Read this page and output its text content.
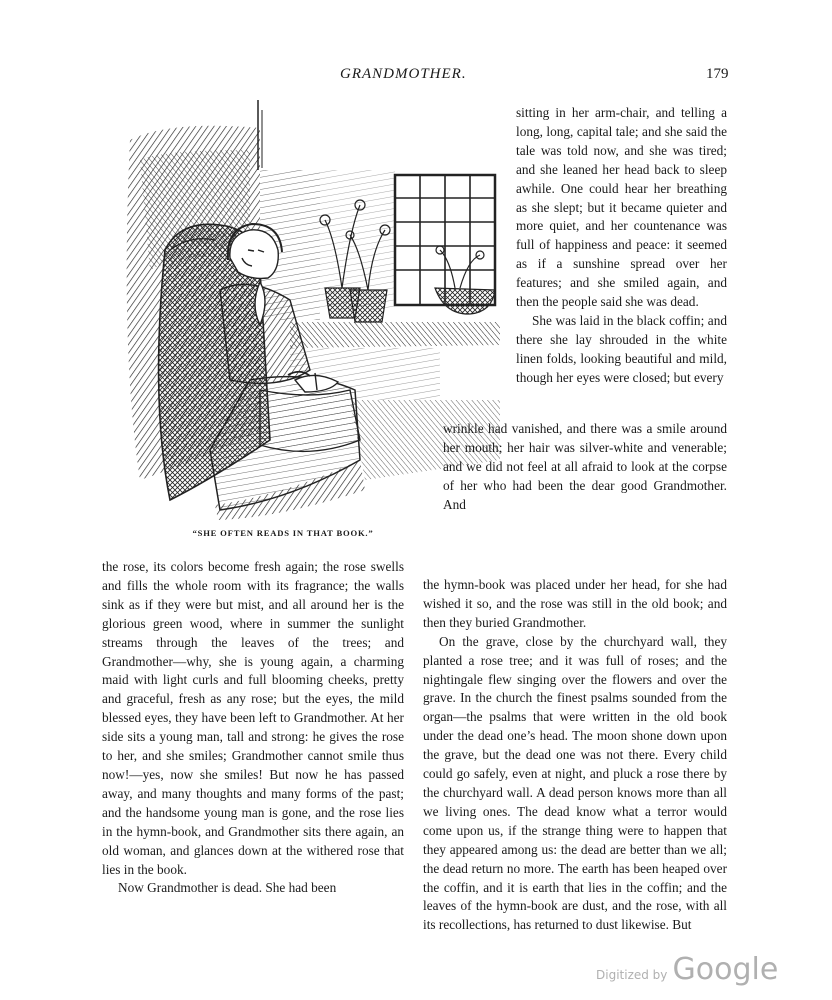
GRANDMOTHER.	179
“SHE OFTEN READS IN THAT BOOK.”

sitting in her arm-chair, and telling a long, long, capital tale; and she said the tale was told now, and she was tired; and she leaned her head back to sleep awhile. One could hear her breathing as she slept; but it became quieter and more quiet, and her countenance was full of happiness and peace: it seemed as if a sunshine spread over her features; and she smiled again, and then the people said she was dead.

She was laid in the black coffin; and there she lay shrouded in the white linen folds, looking beautiful and mild, though her eyes were closed; but every

wrinkle had vanished, and there was a smile around her mouth; her hair was silver-white and venerable; and we did not feel at all afraid to look at the corpse of her who had been the dear good Grandmother. And

the hymn-book was placed under her head, for she had wished it so, and the rose was still in the old book; and then they buried Grandmother.

On the grave, close by the churchyard wall, they planted a rose tree; and it was full of roses; and the nightingale flew singing over the flowers and over the grave. In the church the finest psalms sounded from the organ—the psalms that were written in the old book under the dead one’s head. The moon shone down upon the grave, but the dead one was not there. Every child could go safely, even at night, and pluck a rose there by the churchyard wall. A dead person knows more than all we living ones. The dead know what a terror would come upon us, if the strange thing were to happen that they appeared among us: the dead are better than we all; the dead return no more. The earth has been heaped over the coffin, and it is earth that lies in the coffin; and the leaves of the hymn-book are dust, and the rose, with all its recollections, has returned to dust likewise. But

the rose, its colors become fresh again; the rose swells and fills the whole room with its fragrance; the walls sink as if they were but mist, and all around her is the glorious green wood, where in summer the sunlight streams through the leaves of the trees; and Grandmother—why, she is young again, a charming maid with light curls and full blooming cheeks, pretty and graceful, fresh as any rose; but the eyes, the mild blessed eyes, they have been left to Grandmother. At her side sits a young man, tall and strong: he gives the rose to her, and she smiles; Grandmother cannot smile thus now!—yes, now she smiles! But now he has passed away, and many thoughts and many forms of the past; and the handsome young man is gone, and the rose lies in the hymn-book, and Grandmother sits there again, an old woman, and glances down at the withered rose that lies in the book.

Now Grandmother is dead. She had been

Digitized by Google
